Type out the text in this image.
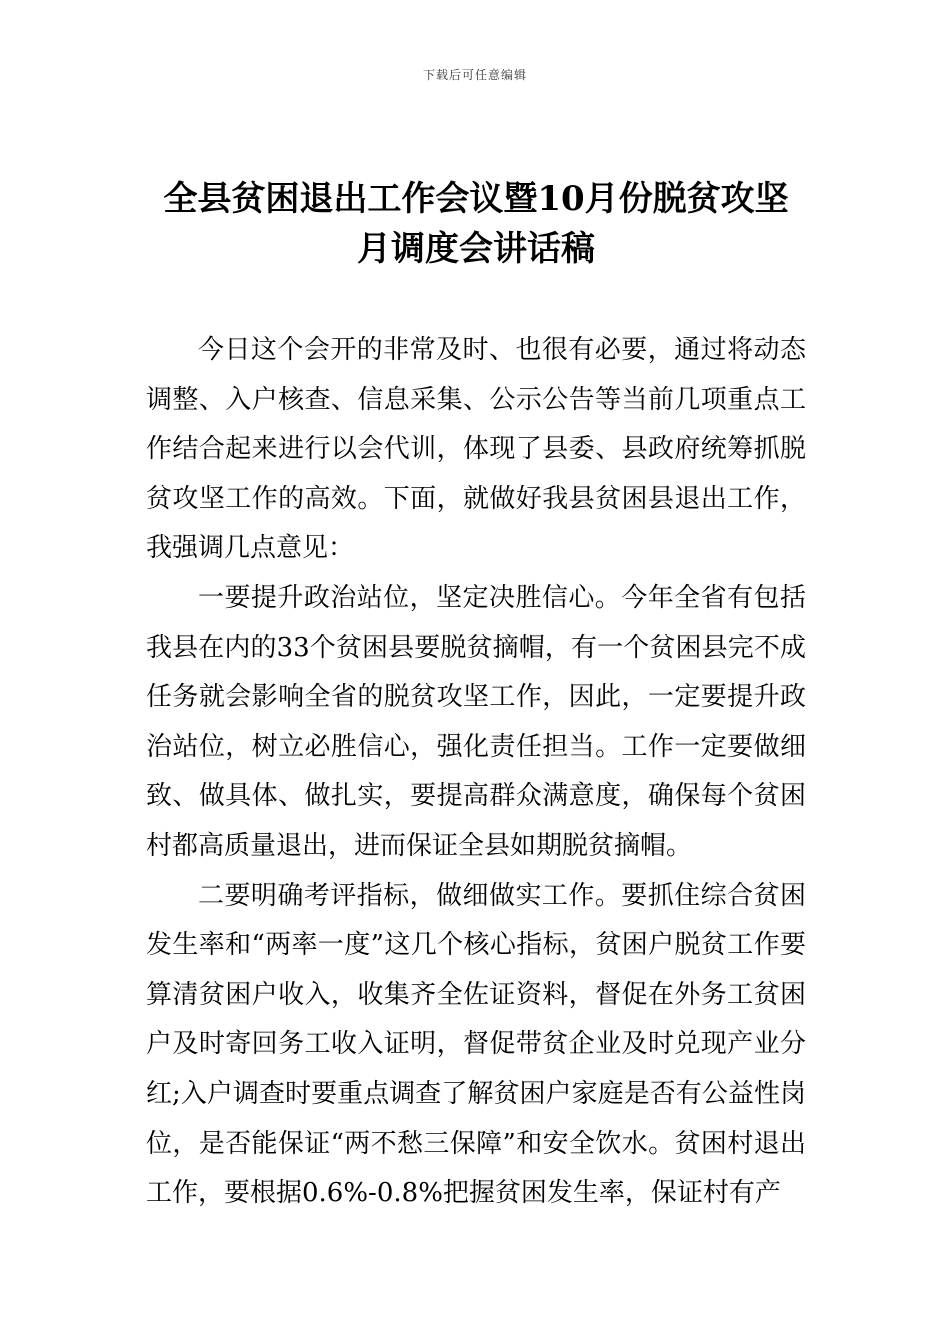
下载后可任意编辑
全县贫困退出工作会议暨10月份脱贫攻坚
月调度会讲话稿

今日这个会开的非常及时、也很有必要，通过将动态调整、入户核查、信息采集、公示公告等当前几项重点工作结合起来进行以会代训，体现了县委、县政府统筹抓脱贫攻坚工作的高效。下面，就做好我县贫困县退出工作，我强调几点意见：

一要提升政治站位，坚定决胜信心。今年全省有包括我县在内的33个贫困县要脱贫摘帽，有一个贫困县完不成任务就会影响全省的脱贫攻坚工作，因此，一定要提升政治站位，树立必胜信心，强化责任担当。工作一定要做细致、做具体、做扎实，要提高群众满意度，确保每个贫困村都高质量退出，进而保证全县如期脱贫摘帽。

二要明确考评指标，做细做实工作。要抓住综合贫困发生率和“两率一度”这几个核心指标，贫困户脱贫工作要算清贫困户收入，收集齐全佐证资料，督促在外务工贫困户及时寄回务工收入证明，督促带贫企业及时兑现产业分红;入户调查时要重点调查了解贫困户家庭是否有公益性岗位，是否能保证“两不愁三保障”和安全饮水。贫困村退出工作，要根据0.6%-0.8%把握贫困发生率，保证村有产
